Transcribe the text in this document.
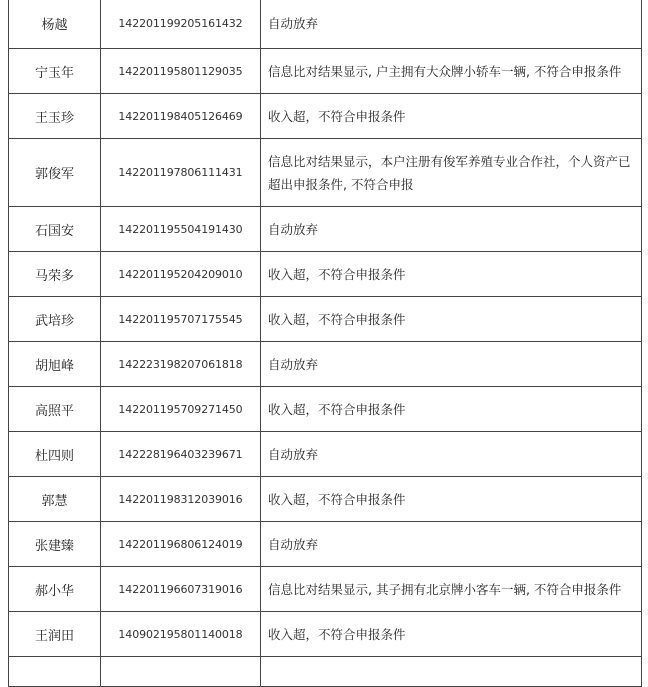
杨越	142201199205161432	自动放弃
宁玉年	142201195801129035	信息比对结果显示, 户主拥有大众牌小轿车一辆, 不符合申报条件
王玉珍	142201198405126469	收入超，不符合申报条件
郭俊军	142201197806111431	信息比对结果显示，本户注册有俊军养殖专业合作社，个人资产已超出申报条件, 不符合申报
石国安	142201195504191430	自动放弃
马荣多	142201195204209010	收入超，不符合申报条件
武培珍	142201195707175545	收入超，不符合申报条件
胡旭峰	142223198207061818	自动放弃
高照平	142201195709271450	收入超，不符合申报条件
杜四则	142228196403239671	自动放弃
郭慧	142201198312039016	收入超，不符合申报条件
张建臻	142201196806124019	自动放弃
郝小华	142201196607319016	信息比对结果显示, 其子拥有北京牌小客车一辆, 不符合申报条件
王润田	140902195801140018	收入超，不符合申报条件
